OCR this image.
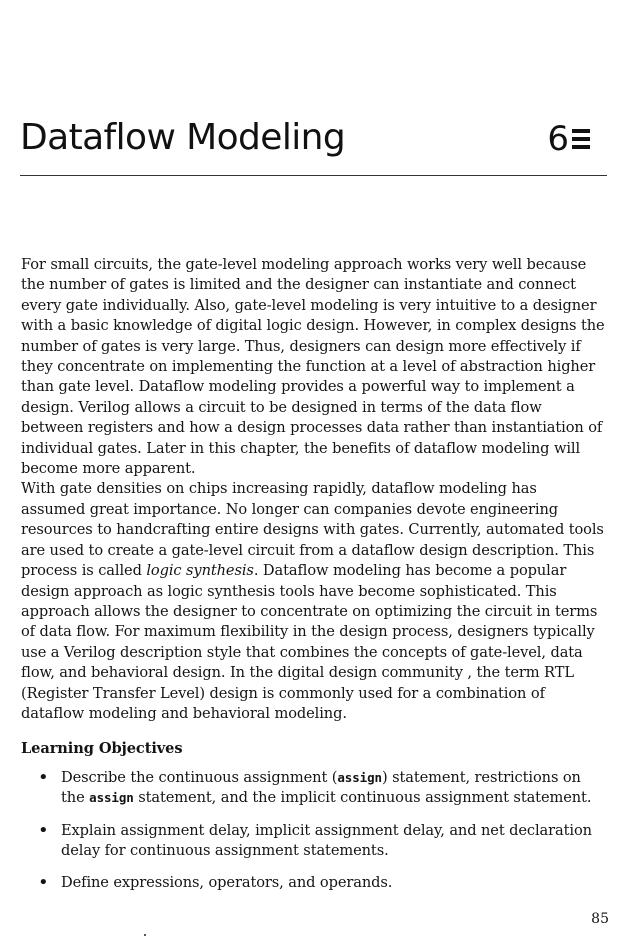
Dataflow Modeling	6

For small circuits, the gate-level modeling approach works very well because the number of gates is limited and the designer can instantiate and connect every gate individually. Also, gate-level modeling is very intuitive to a designer with a basic knowledge of digital logic design. However, in complex designs the number of gates is very large. Thus, designers can design more effectively if they concentrate on implementing the function at a level of abstraction higher than gate level. Dataflow modeling provides a powerful way to implement a design. Verilog allows a circuit to be designed in terms of the data flow between registers and how a design processes data rather than instantiation of individual gates. Later in this chapter, the benefits of dataflow modeling will become more apparent.

With gate densities on chips increasing rapidly, dataflow modeling has assumed great importance. No longer can companies devote engineering resources to handcrafting entire designs with gates. Currently, automated tools are used to create a gate-level circuit from a dataflow design description. This process is called logic synthesis. Dataflow modeling has become a popular design approach as logic synthesis tools have become sophisticated. This approach allows the designer to concentrate on optimizing the circuit in terms of data flow. For maximum flexibility in the design process, designers typically use a Verilog description style that combines the concepts of gate-level, data flow, and behavioral design. In the digital design community , the term RTL (Register Transfer Level) design is commonly used for a combination of dataflow modeling and behavioral modeling.

Learning Objectives
• Describe the continuous assignment (assign) statement, restrictions on the assign statement, and the implicit continuous assignment statement.
• Explain assignment delay, implicit assignment delay, and net declaration delay for continuous assignment statements.
• Define expressions, operators, and operands.
85
